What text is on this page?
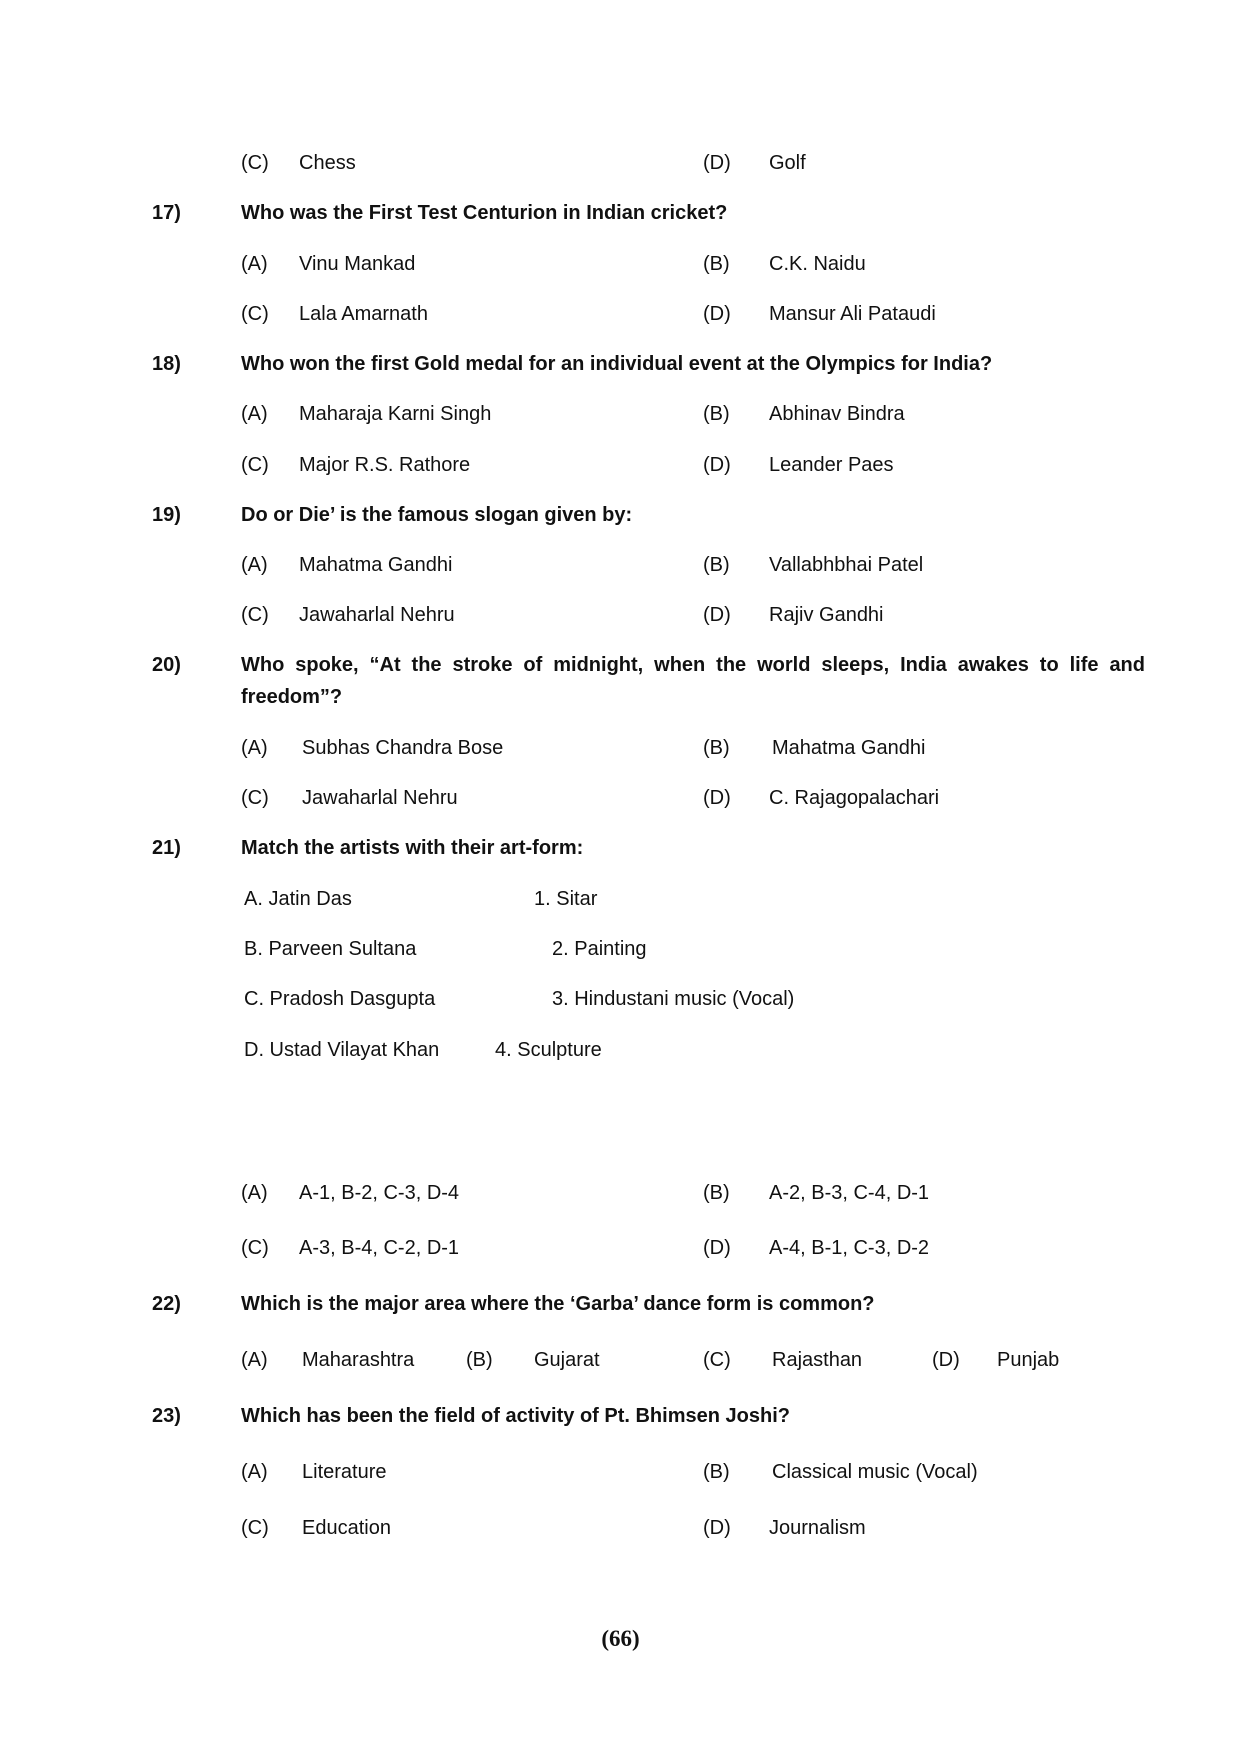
(C) Chess	(D) Golf
17)	Who was the First Test Centurion in Indian cricket?
(A) Vinu Mankad	(B) C.K. Naidu
(C) Lala Amarnath	(D) Mansur Ali Pataudi
18)	Who won the first Gold medal for an individual event at the Olympics for India?
(A) Maharaja Karni Singh	(B) Abhinav Bindra
(C) Major R.S. Rathore	(D) Leander Paes
19)	Do or Die’ is the famous slogan given by:
(A) Mahatma Gandhi	(B) Vallabhbhai Patel
(C) Jawaharlal Nehru	(D) Rajiv Gandhi
20)	Who spoke, “At the stroke of midnight, when the world sleeps, India awakes to life and freedom”?
(A) Subhas Chandra Bose	(B) Mahatma Gandhi
(C) Jawaharlal Nehru	(D) C. Rajagopalachari
21)	Match the artists with their art-form:
A. Jatin Das	1. Sitar
B. Parveen Sultana	2. Painting
C. Pradosh Dasgupta	3. Hindustani music (Vocal)
D. Ustad Vilayat Khan	4. Sculpture
(A) A-1, B-2, C-3, D-4	(B) A-2, B-3, C-4, D-1
(C) A-3, B-4, C-2, D-1	(D) A-4, B-1, C-3, D-2
22)	Which is the major area where the ‘Garba’ dance form is common?
(A) Maharashtra	(B) Gujarat	(C) Rajasthan	(D) Punjab
23)	Which has been the field of activity of Pt. Bhimsen Joshi?
(A) Literature	(B) Classical music (Vocal)
(C) Education	(D) Journalism
(66)
